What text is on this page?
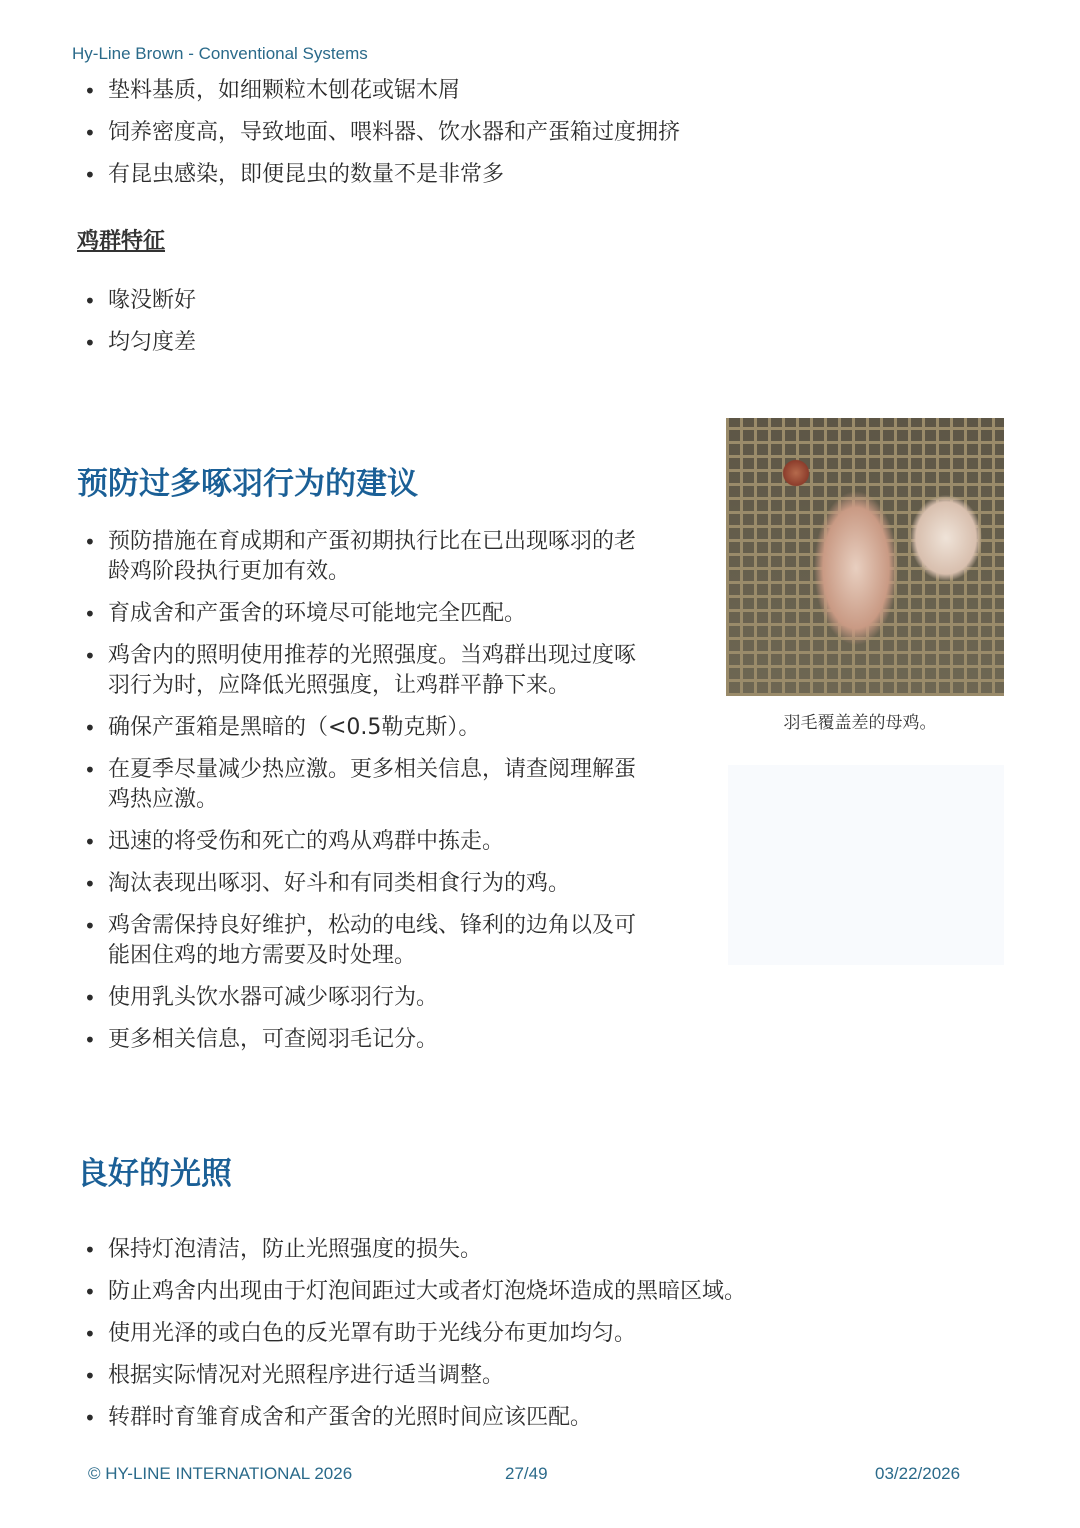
Hy-Line Brown - Conventional Systems
• 垫料基质，如细颗粒木刨花或锯木屑
• 饲养密度高，导致地面、喂料器、饮水器和产蛋箱过度拥挤
• 有昆虫感染，即便昆虫的数量不是非常多
鸡群特征
• 喙没断好
• 均匀度差
预防过多啄羽行为的建议
• 预防措施在育成期和产蛋初期执行比在已出现啄羽的老龄鸡阶段执行更加有效。
• 育成舍和产蛋舍的环境尽可能地完全匹配。
• 鸡舍内的照明使用推荐的光照强度。当鸡群出现过度啄羽行为时，应降低光照强度，让鸡群平静下来。
• 确保产蛋箱是黑暗的（<0.5勒克斯）。
• 在夏季尽量减少热应激。更多相关信息，请查阅理解蛋鸡热应激。
• 迅速的将受伤和死亡的鸡从鸡群中拣走。
• 淘汰表现出啄羽、好斗和有同类相食行为的鸡。
• 鸡舍需保持良好维护，松动的电线、锋利的边角以及可能困住鸡的地方需要及时处理。
• 使用乳头饮水器可减少啄羽行为。
• 更多相关信息，可查阅羽毛记分。
羽毛覆盖差的母鸡。
良好的光照
• 保持灯泡清洁，防止光照强度的损失。
• 防止鸡舍内出现由于灯泡间距过大或者灯泡烧坏造成的黑暗区域。
• 使用光泽的或白色的反光罩有助于光线分布更加均匀。
• 根据实际情况对光照程序进行适当调整。
• 转群时育雏育成舍和产蛋舍的光照时间应该匹配。
© HY-LINE INTERNATIONAL 2026	27/49	03/22/2026
